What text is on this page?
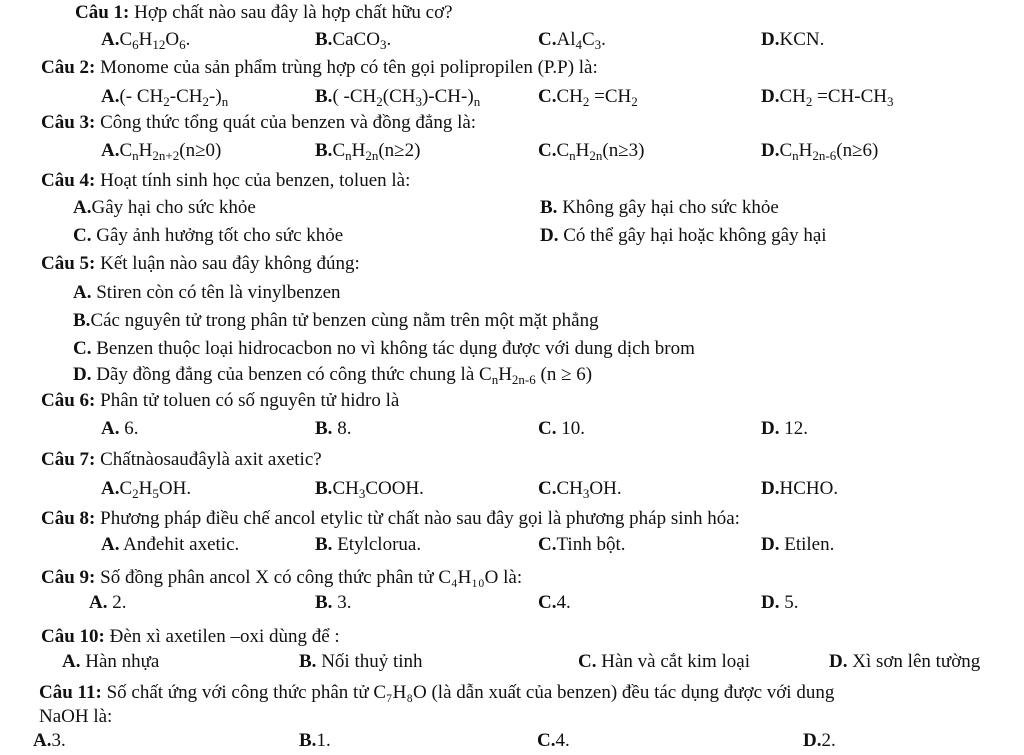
Câu 1: Hợp chất nào sau đây là hợp chất hữu cơ?
$A.C_6H_{12}O_6$.	B.CaCO$_3$.	$C.Al_4C_3$.	D.KCN.
Câu 2: Monome của sản phẩm trùng hợp có tên gọi polipropilen (P.P) là:
A.(- $CH_2-CH_2-)_n$	B.( $-CH_2(CH_3)-CH-)_n$	$C.CH_2 =CH_2$	$D.CH_2 =CH-CH_3$
Câu 3: Công thức tổng quát của benzen và đồng đẳng là:
$A.C_nH_{2n+2}(n\ge 0)$	$B.C_nH_{2n}(n\ge 2)$	$C.C_nH_{2n}(n\ge 3)$	$D.C_nH_{2n-6}(n\ge 6)$
Câu 4: Hoạt tính sinh học của benzen, toluen là:
A.Gây hại cho sức khỏe	B. Không gây hại cho sức khỏe
C. Gây ảnh hưởng tốt cho sức khỏe	D. Có thể gây hại hoặc không gây hại
Câu 5: Kết luận nào sau đây không đúng:
A. Stiren còn có tên là vinylbenzen
B.Các nguyên tử trong phân tử benzen cùng nằm trên một mặt phẳng
C. Benzen thuộc loại hidrocacbon no vì không tác dụng được với dung dịch brom
D. Dãy đồng đẳng của benzen có công thức chung là $C_nH_{2n-6}$ (n ≥ 6)
Câu 6: Phân tử toluen có số nguyên tử hidro là
A. 6.	B. 8.	C. 10.	D. 12.
Câu 7: Chấtnàosauđâylà axit axetic?
$A.C_2H_5OH$.	$B.CH_3COOH$.	$C.CH_3OH$.	D.HCHO.
Câu 8: Phương pháp điều chế ancol etylic từ chất nào sau đây gọi là phương pháp sinh hóa:
A. Anđehit axetic.	B. Etylclorua.	C.Tinh bột.	D. Etilen.
Câu 9: Số đồng phân ancol X có công thức phân tử C₄H₁₀O là:
A. 2.	B. 3.	C.4.	D. 5.
Câu 10: Đèn xì axetilen –oxi dùng để :
A. Hàn nhựa	B. Nối thuỷ tinh	C. Hàn và cắt kim loại	D. Xì sơn lên tường
Câu 11: Số chất ứng với công thức phân tử C₇H₈O (là dẫn xuất của benzen) đều tác dụng được với dung
NaOH là:
A.3.	B.1.	C.4.	D.2.
